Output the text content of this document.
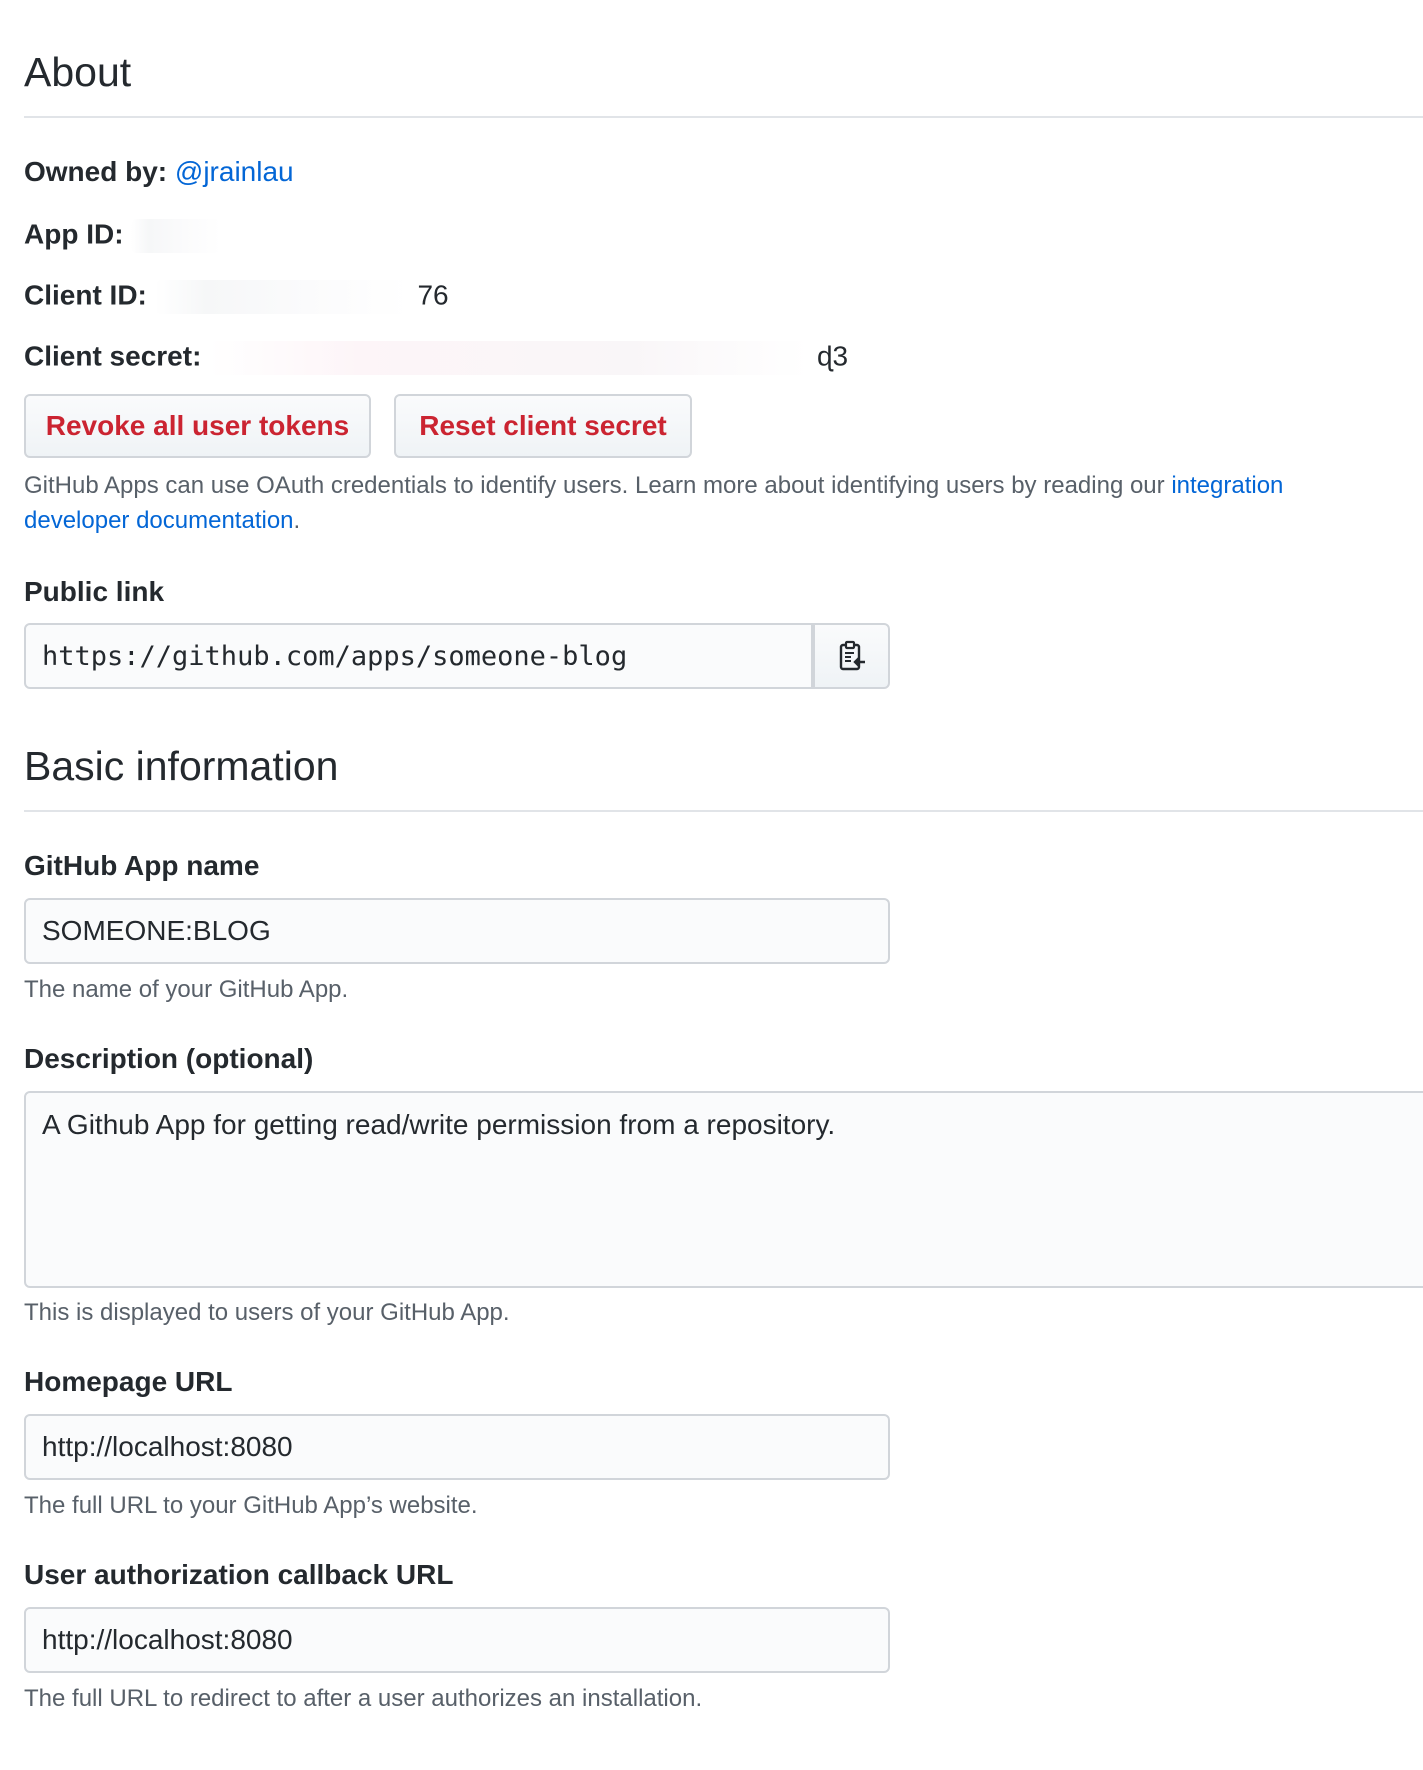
About
Owned by: @jrainlau
App ID:
Client ID:	76
Client secret:	ɖ3
Revoke all user tokens	Reset client secret
GitHub Apps can use OAuth credentials to identify users. Learn more about identifying users by reading our integration developer documentation.
Public link
https://github.com/apps/someone-blog
Basic information
GitHub App name
SOMEONE:BLOG
The name of your GitHub App.
Description (optional)
A Github App for getting read/write permission from a repository.
This is displayed to users of your GitHub App.
Homepage URL
http://localhost:8080
The full URL to your GitHub App’s website.
User authorization callback URL
http://localhost:8080
The full URL to redirect to after a user authorizes an installation.
